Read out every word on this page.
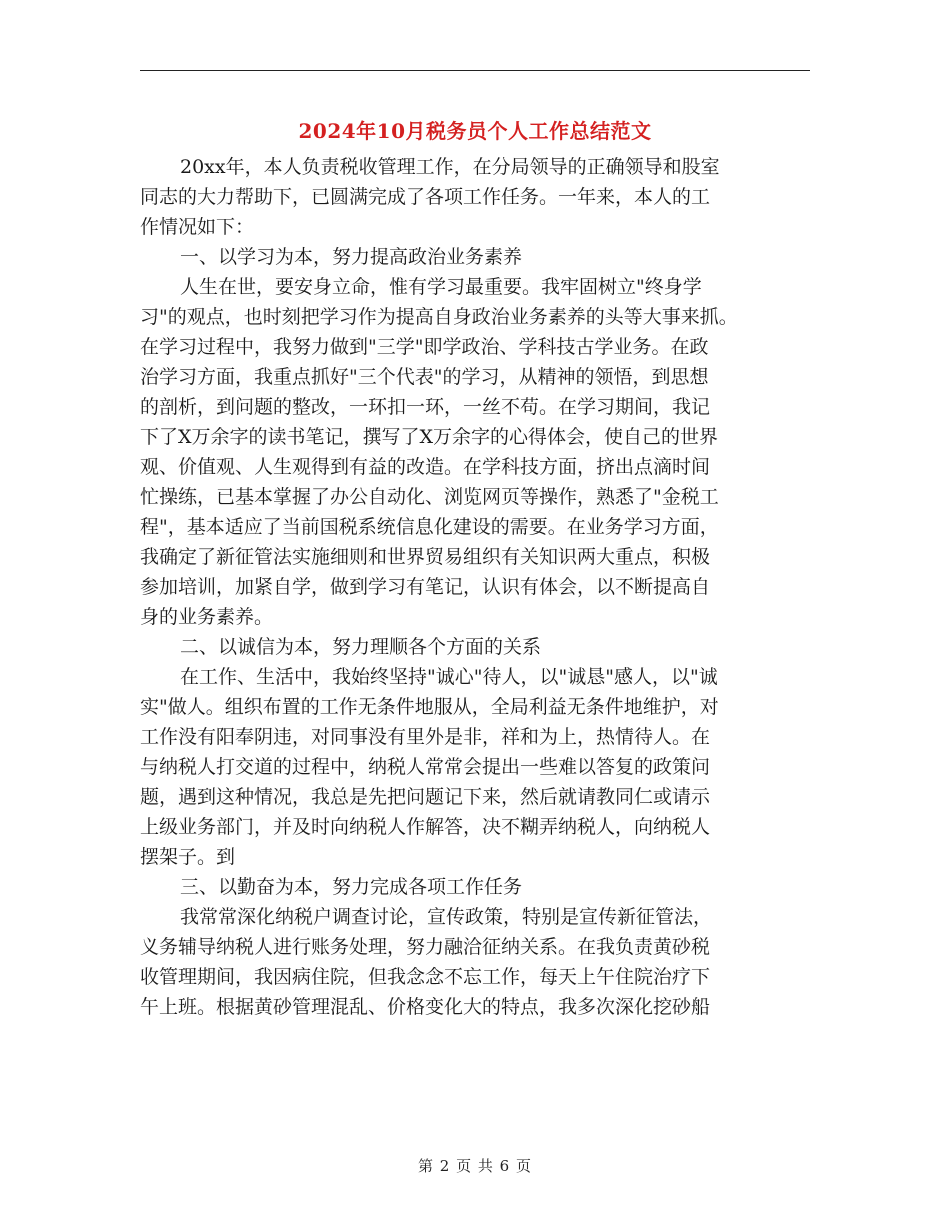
2024年10月税务员个人工作总结范文
20xx年，本人负责税收管理工作，在分局领导的正确领导和股室
同志的大力帮助下，已圆满完成了各项工作任务。一年来，本人的工
作情况如下：
一、以学习为本，努力提高政治业务素养
人生在世，要安身立命，惟有学习最重要。我牢固树立"终身学
习"的观点，也时刻把学习作为提高自身政治业务素养的头等大事来抓。
在学习过程中，我努力做到"三学"即学政治、学科技古学业务。在政
治学习方面，我重点抓好"三个代表"的学习，从精神的领悟，到思想
的剖析，到问题的整改，一环扣一环，一丝不苟。在学习期间，我记
下了X万余字的读书笔记，撰写了X万余字的心得体会，使自己的世界
观、价值观、人生观得到有益的改造。在学科技方面，挤出点滴时间
忙操练，已基本掌握了办公自动化、浏览网页等操作，熟悉了"金税工
程"，基本适应了当前国税系统信息化建设的需要。在业务学习方面，
我确定了新征管法实施细则和世界贸易组织有关知识两大重点，积极
参加培训，加紧自学，做到学习有笔记，认识有体会，以不断提高自
身的业务素养。
二、以诚信为本，努力理顺各个方面的关系
在工作、生活中，我始终坚持"诚心"待人，以"诚恳"感人，以"诚
实"做人。组织布置的工作无条件地服从，全局利益无条件地维护，对
工作没有阳奉阴违，对同事没有里外是非，祥和为上，热情待人。在
与纳税人打交道的过程中，纳税人常常会提出一些难以答复的政策问
题，遇到这种情况，我总是先把问题记下来，然后就请教同仁或请示
上级业务部门，并及时向纳税人作解答，决不糊弄纳税人，向纳税人
摆架子。到
三、以勤奋为本，努力完成各项工作任务
我常常深化纳税户调查讨论，宣传政策，特别是宣传新征管法，
义务辅导纳税人进行账务处理，努力融洽征纳关系。在我负责黄砂税
收管理期间，我因病住院，但我念念不忘工作，每天上午住院治疗下
午上班。根据黄砂管理混乱、价格变化大的特点，我多次深化挖砂船
第 2 页 共 6 页
